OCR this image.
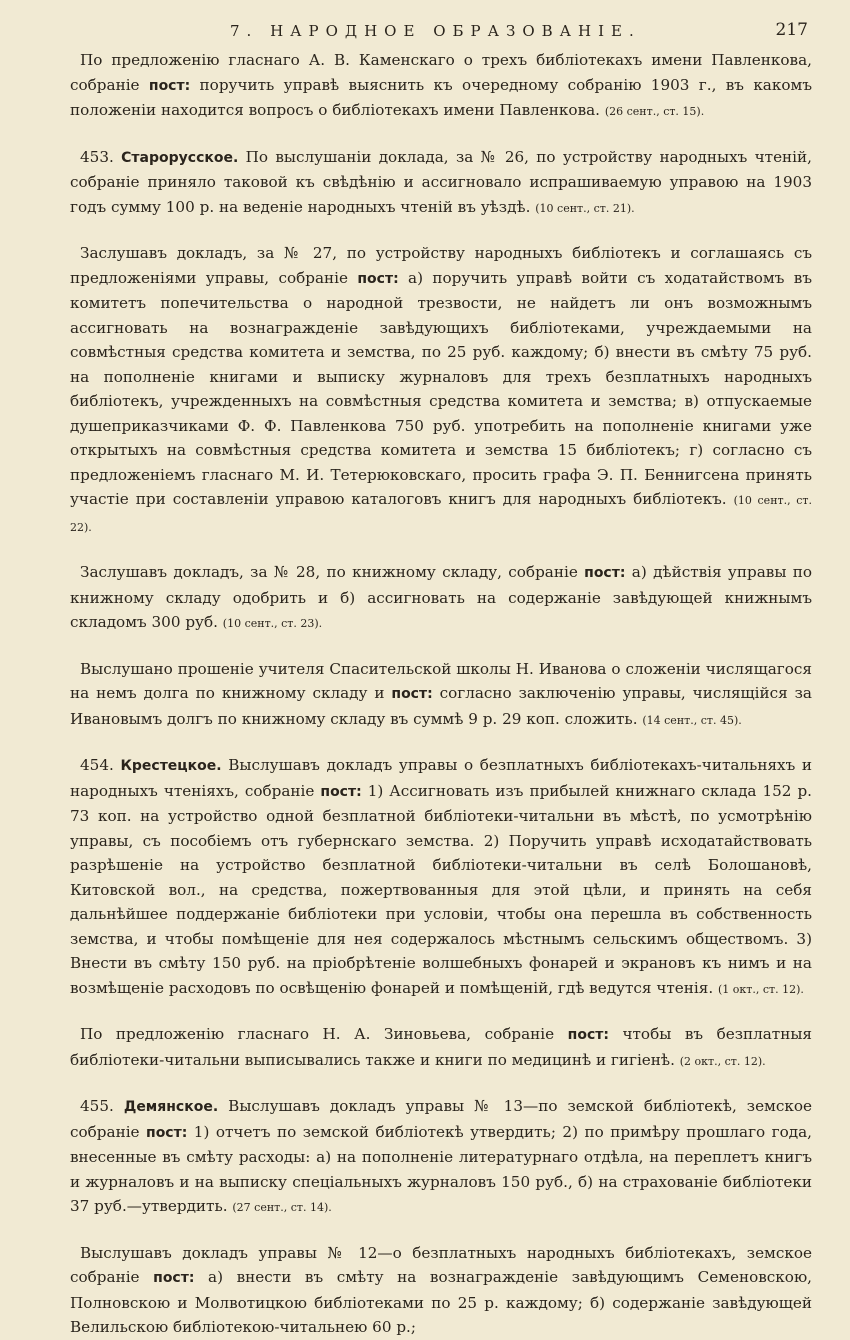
7. НАРОДНОЕ ОБРАЗОВАНІЕ.	217

По предложенію гласнаго А. В. Каменскаго о трехъ библіотекахъ имени Павленкова, собраніе пост: поручить управѣ выяснить къ очередному собранію 1903 г., въ какомъ положеніи находится вопросъ о библіотекахъ имени Павленкова. (26 сент., ст. 15).

453. Старорусское. По выслушаніи доклада, за № 26, по устройству народныхъ чтеній, собраніе приняло таковой къ свѣдѣнію и ассигновало испрашиваемую управою на 1903 годъ сумму 100 р. на веденіе народныхъ чтеній въ уѣздѣ. (10 сент., ст. 21).

Заслушавъ докладъ, за № 27, по устройству народныхъ библіотекъ и соглашаясь съ предложеніями управы, собраніе пост: а) поручить управѣ войти съ ходатайствомъ въ комитетъ попечительства о народной трезвости, не найдетъ ли онъ возможнымъ ассигновать на вознагражденіе завѣдующихъ библіотеками, учреждаемыми на совмѣстныя средства комитета и земства, по 25 руб. каждому; б) внести въ смѣту 75 руб. на пополненіе книгами и выписку журналовъ для трехъ безплатныхъ народныхъ библіотекъ, учрежденныхъ на совмѣстныя средства комитета и земства; в) отпускаемые душеприказчиками Ф. Ф. Павленкова 750 руб. употребить на пополненіе книгами уже открытыхъ на совмѣстныя средства комитета и земства 15 библіотекъ; г) согласно съ предложеніемъ гласнаго М. И. Тетерюковскаго, просить графа Э. П. Беннигсена принять участіе при составленіи управою каталоговъ книгъ для народныхъ библіотекъ. (10 сент., ст. 22).

Заслушавъ докладъ, за № 28, по книжному складу, собраніе пост: а) дѣйствія управы по книжному складу одобрить и б) ассигновать на содержаніе завѣдующей книжнымъ складомъ 300 руб. (10 сент., ст. 23).

Выслушано прошеніе учителя Спасительской школы Н. Иванова о сложеніи числящагося на немъ долга по книжному складу и пост: согласно заключенію управы, числящійся за Ивановымъ долгъ по книжному складу въ суммѣ 9 р. 29 коп. сложить. (14 сент., ст. 45).

454. Крестецкое. Выслушавъ докладъ управы о безплатныхъ библіотекахъ-читальняхъ и народныхъ чтеніяхъ, собраніе пост: 1) Ассигновать изъ прибылей книжнаго склада 152 р. 73 коп. на устройство одной безплатной библіотеки-читальни въ мѣстѣ, по усмотрѣнію управы, съ пособіемъ отъ губернскаго земства. 2) Поручить управѣ исходатайствовать разрѣшеніе на устройство безплатной библіотеки-читальни въ селѣ Болошановѣ, Китовской вол., на средства, пожертвованныя для этой цѣли, и принять на себя дальнѣйшее поддержаніе библіотеки при условіи, чтобы она перешла въ собственность земства, и чтобы помѣщеніе для нея содержалось мѣстнымъ сельскимъ обществомъ. 3) Внести въ смѣту 150 руб. на пріобрѣтеніе волшебныхъ фонарей и экрановъ къ нимъ и на возмѣщеніе расходовъ по освѣщенію фонарей и помѣщеній, гдѣ ведутся чтенія. (1 окт., ст. 12).

По предложенію гласнаго Н. А. Зиновьева, собраніе пост: чтобы въ безплатныя библіотеки-читальни выписывались также и книги по медицинѣ и гигіенѣ. (2 окт., ст. 12).

455. Демянское. Выслушавъ докладъ управы № 13—по земской библіотекѣ, земское собраніе пост: 1) отчетъ по земской библіотекѣ утвердить; 2) по примѣру прошлаго года, внесенные въ смѣту расходы: а) на пополненіе литературнаго отдѣла, на переплетъ книгъ и журналовъ и на выписку спеціальныхъ журналовъ 150 руб., б) на страхованіе библіотеки 37 руб.—утвердить. (27 сент., ст. 14).

Выслушавъ докладъ управы № 12—о безплатныхъ народныхъ библіотекахъ, земское собраніе пост: а) внести въ смѣту на вознагражденіе завѣдующимъ Семеновскою, Полновскою и Молвотицкою библіотеками по 25 р. каждому; б) содержаніе завѣдующей Велильскою библіотекою-читальнею 60 р.;
